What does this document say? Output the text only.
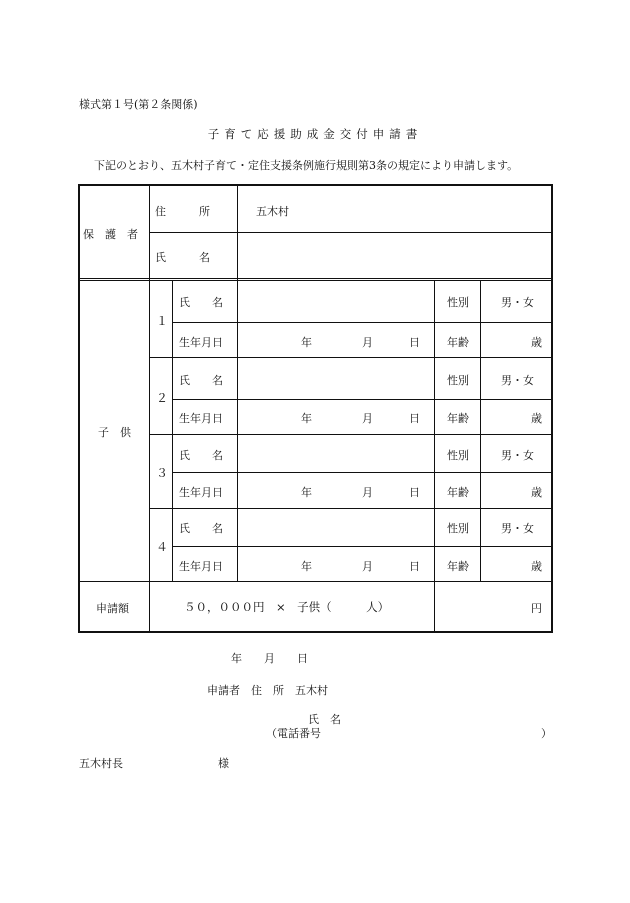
様式第１号(第２条関係)
子育て応援助成金交付申請書
下記のとおり、五木村子育て・定住支援条例施行規則第3条の規定により申請します。
保　護　者
住　　　所	五木村
氏　　　名
子　供
１
氏　　名	性別	男・女
生年月日	年	月	日 年齢	歳
２
氏　　名	性別	男・女
生年月日	年	月	日 年齢	歳
３
氏　　名	性別	男・女
生年月日	年	月	日 年齢	歳
４
氏　　名	性別	男・女
生年月日	年	月	日 年齢	歳
申請額	５０，０００円　×　子供（　　　人）	円
年　　月　　日
申請者　住　所　五木村
氏　名
（電話番号　　　　　　　　　　　　　　　　　　　　）
五木村長	様
